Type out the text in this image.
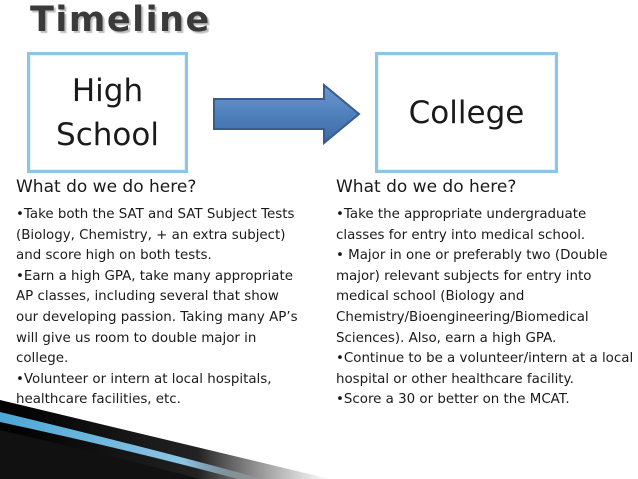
Timeline
High School
College
What do we do here?	What do we do here?

•Take both the SAT and SAT Subject Tests (Biology, Chemistry, + an extra subject) and score high on both tests.

•Earn a high GPA, take many appropriate AP classes, including several that show our developing passion. Taking many AP’s will give us room to double major in college.

•Volunteer or intern at local hospitals, healthcare facilities, etc.

•Take the appropriate undergraduate classes for entry into medical school.

• Major in one or preferably two (Double major) relevant subjects for entry into medical school (Biology and Chemistry/Bioengineering/Biomedical Sciences). Also, earn a high GPA.

•Continue to be a volunteer/intern at a local hospital or other healthcare facility.

•Score a 30 or better on the MCAT.
